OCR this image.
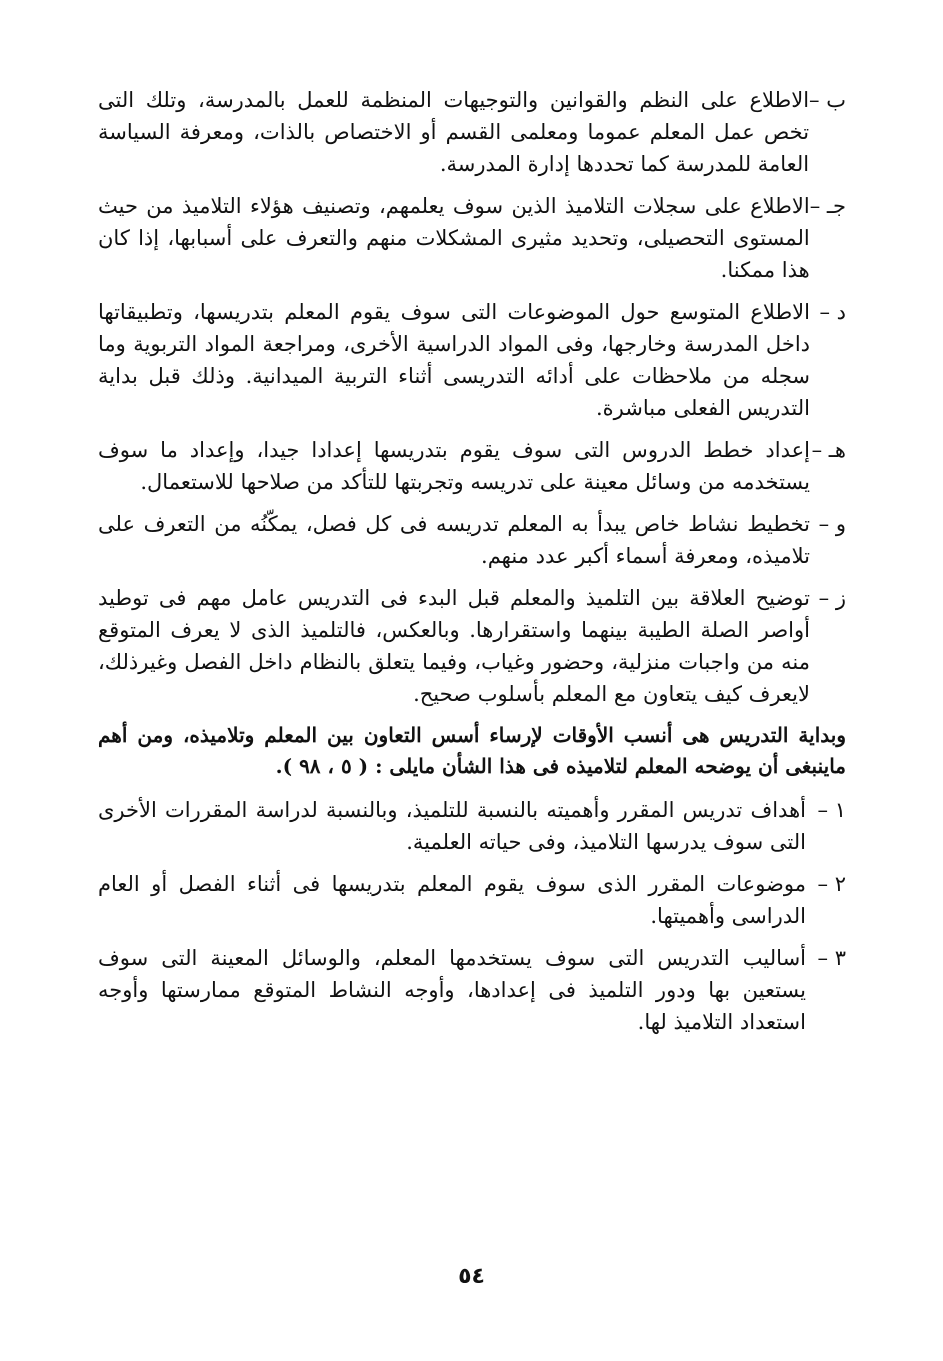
ب –
الاطلاع على النظم والقوانين والتوجيهات المنظمة للعمل بالمدرسة، وتلك التى تخص عمل المعلم عموما ومعلمى القسم أو الاختصاص بالذات، ومعرفة السياسة العامة للمدرسة كما تحددها إدارة المدرسة.
جـ –
الاطلاع على سجلات التلاميذ الذين سوف يعلمهم، وتصنيف هؤلاء التلاميذ من حيث المستوى التحصيلى، وتحديد مثيرى المشكلات منهم والتعرف على أسبابها، إذا كان هذا ممكنا.
د –
الاطلاع المتوسع حول الموضوعات التى سوف يقوم المعلم بتدريسها، وتطبيقاتها داخل المدرسة وخارجها، وفى المواد الدراسية الأخرى، ومراجعة المواد التربوية وما سجله من ملاحظات على أدائه التدريسى أثناء التربية الميدانية. وذلك قبل بداية التدريس الفعلى مباشرة.
هـ –
إعداد خطط الدروس التى سوف يقوم بتدريسها إعدادا جيدا، وإعداد ما سوف يستخدمه من وسائل معينة على تدريسه وتجربتها للتأكد من صلاحها للاستعمال.
و –
تخطيط نشاط خاص يبدأ به المعلم تدريسه فى كل فصل، يمكّنُه من التعرف على تلاميذه، ومعرفة أسماء أكبر عدد منهم.
ز –
توضيح العلاقة بين التلميذ والمعلم قبل البدء فى التدريس عامل مهم فى توطيد أواصر الصلة الطيبة بينهما واستقرارها. وبالعكس، فالتلميذ الذى لا يعرف المتوقع منه من واجبات منزلية، وحضور وغياب، وفيما يتعلق بالنظام داخل الفصل وغيرذلك، لايعرف كيف يتعاون مع المعلم بأسلوب صحيح.
وبداية التدريس هى أنسب الأوقات لإرساء أسس التعاون بين المعلم وتلاميذه، ومن أهم ماينبغى أن يوضحه المعلم لتلاميذه فى هذا الشأن مايلى : ( ٥ ، ٩٨ ).
١ –
أهداف تدريس المقرر وأهميته بالنسبة للتلميذ، وبالنسبة لدراسة المقررات الأخرى التى سوف يدرسها التلاميذ، وفى حياته العلمية.
٢ –
موضوعات المقرر الذى سوف يقوم المعلم بتدريسها فى أثناء الفصل أو العام الدراسى وأهميتها.
٣ –
أساليب التدريس التى سوف يستخدمها المعلم، والوسائل المعينة التى سوف يستعين بها ودور التلميذ فى إعدادها، وأوجه النشاط المتوقع ممارستها وأوجه استعداد التلاميذ لها.
٥٤
